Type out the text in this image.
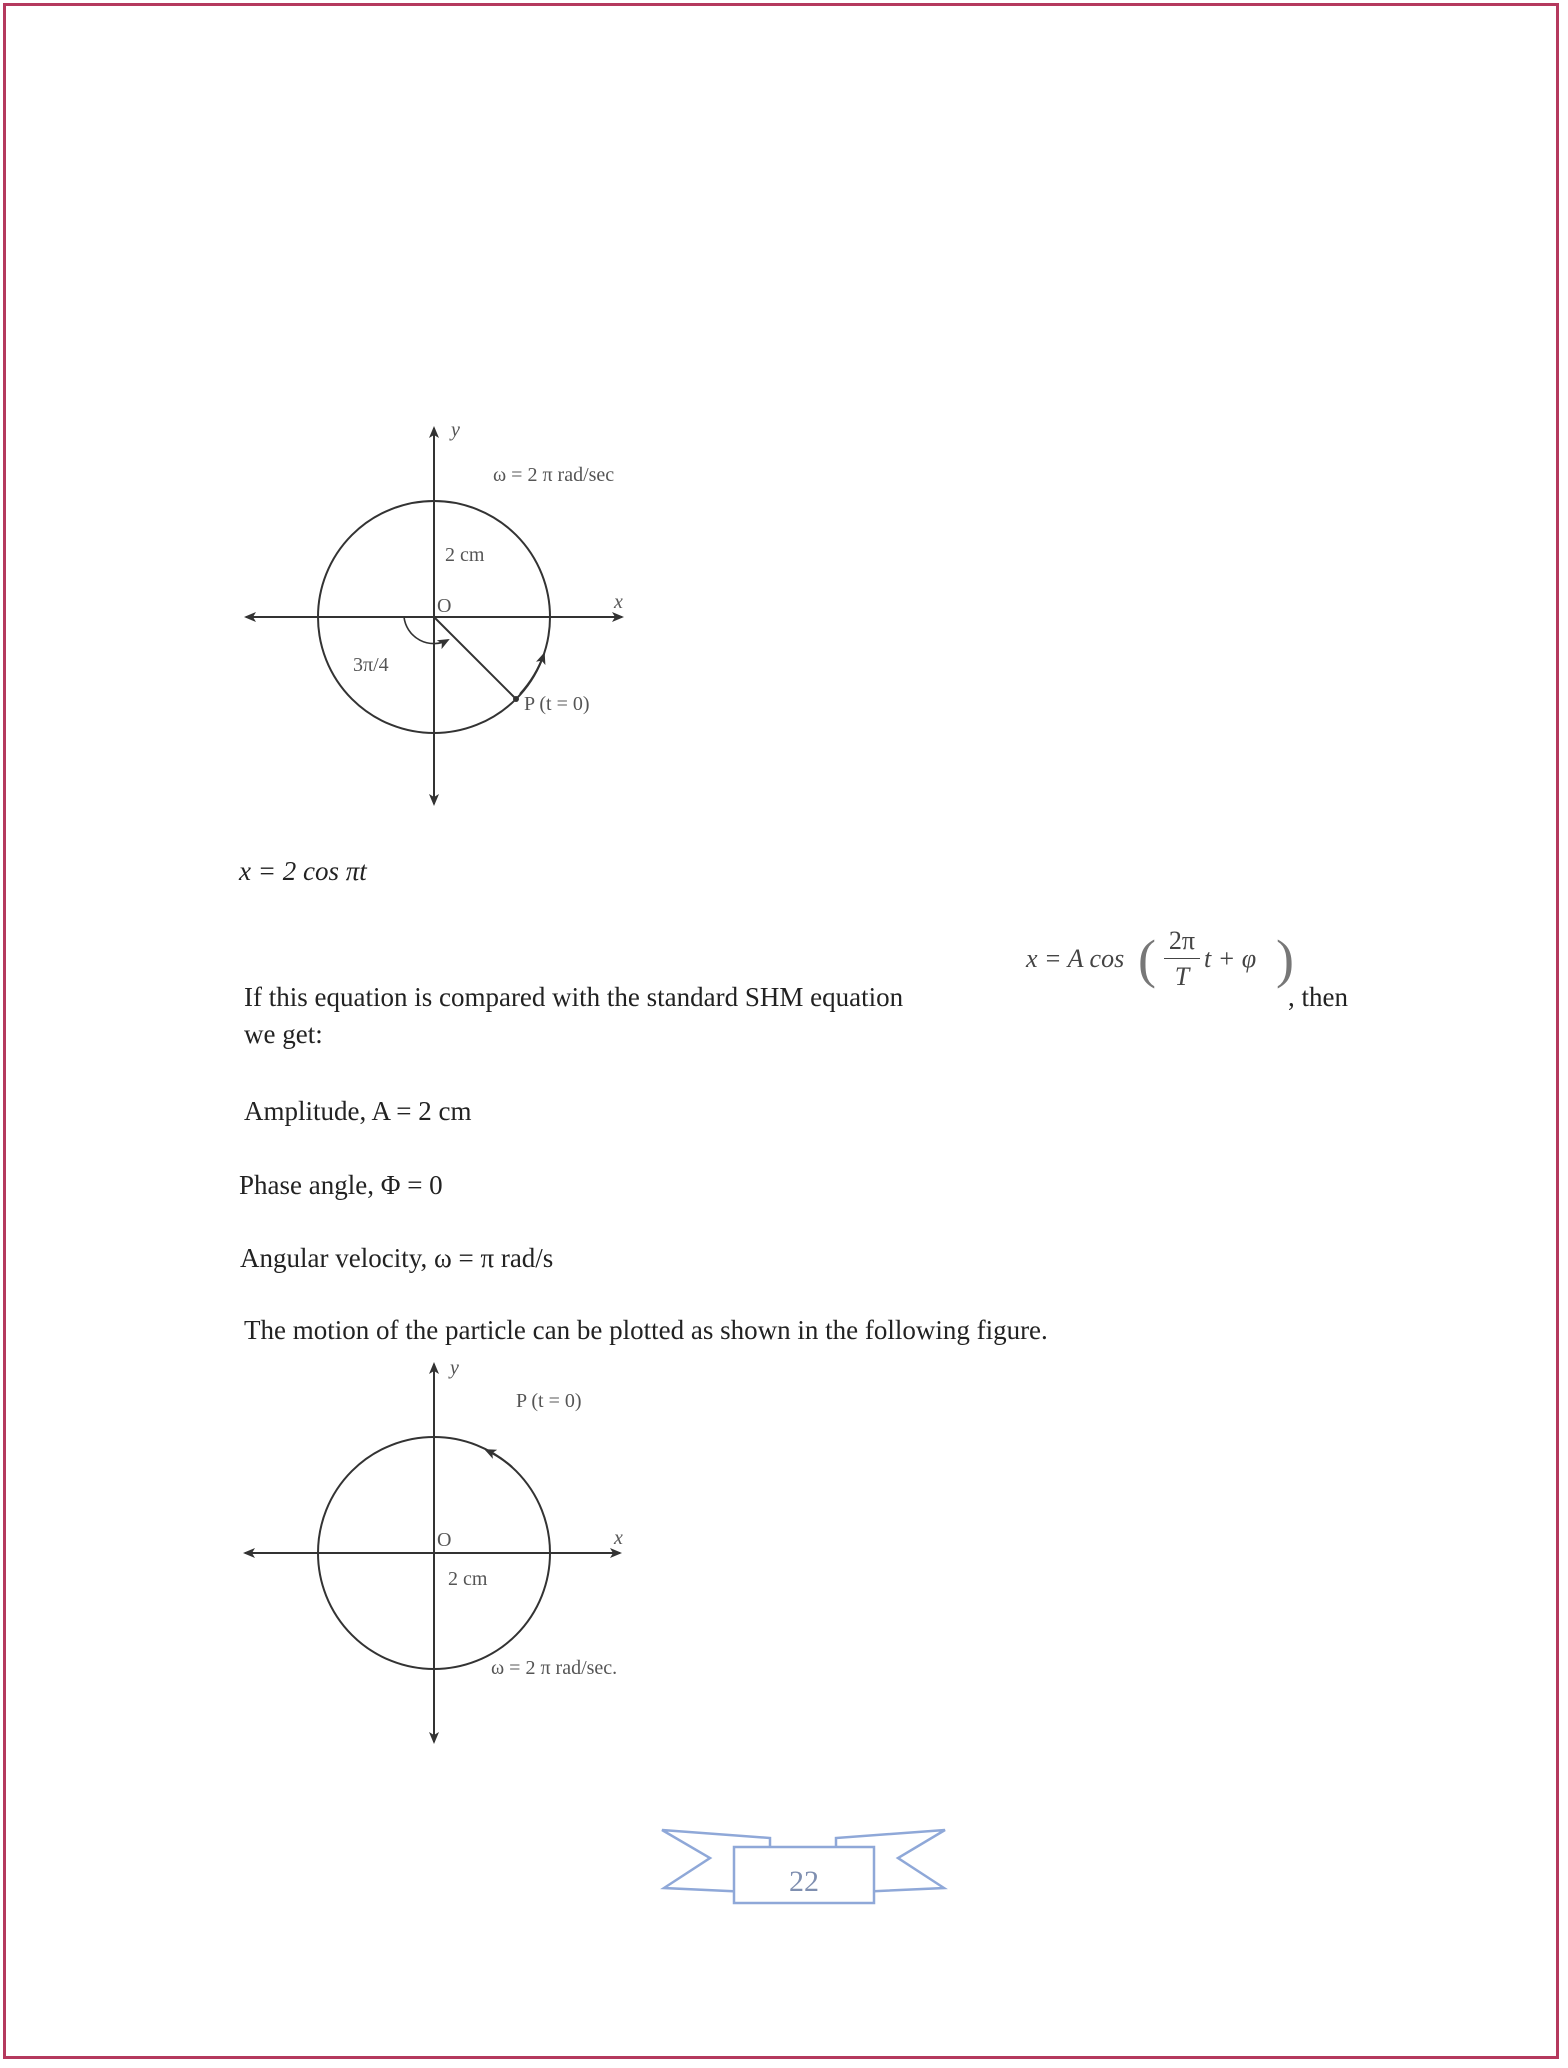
y
x
O
ω = 2 π rad/sec
2 cm
3π/4
P (t = 0)
y
x
O
P (t = 0)
2 cm
ω = 2 π rad/sec.
22
x = 2 cos πt
If this equation is compared with the standard SHM equation
x = A cos ( 2π
T
t + φ )
, then
we get:
Amplitude, A = 2 cm
Phase angle, Φ = 0
Angular velocity, ω = π rad/s
The motion of the particle can be plotted as shown in the following figure.
